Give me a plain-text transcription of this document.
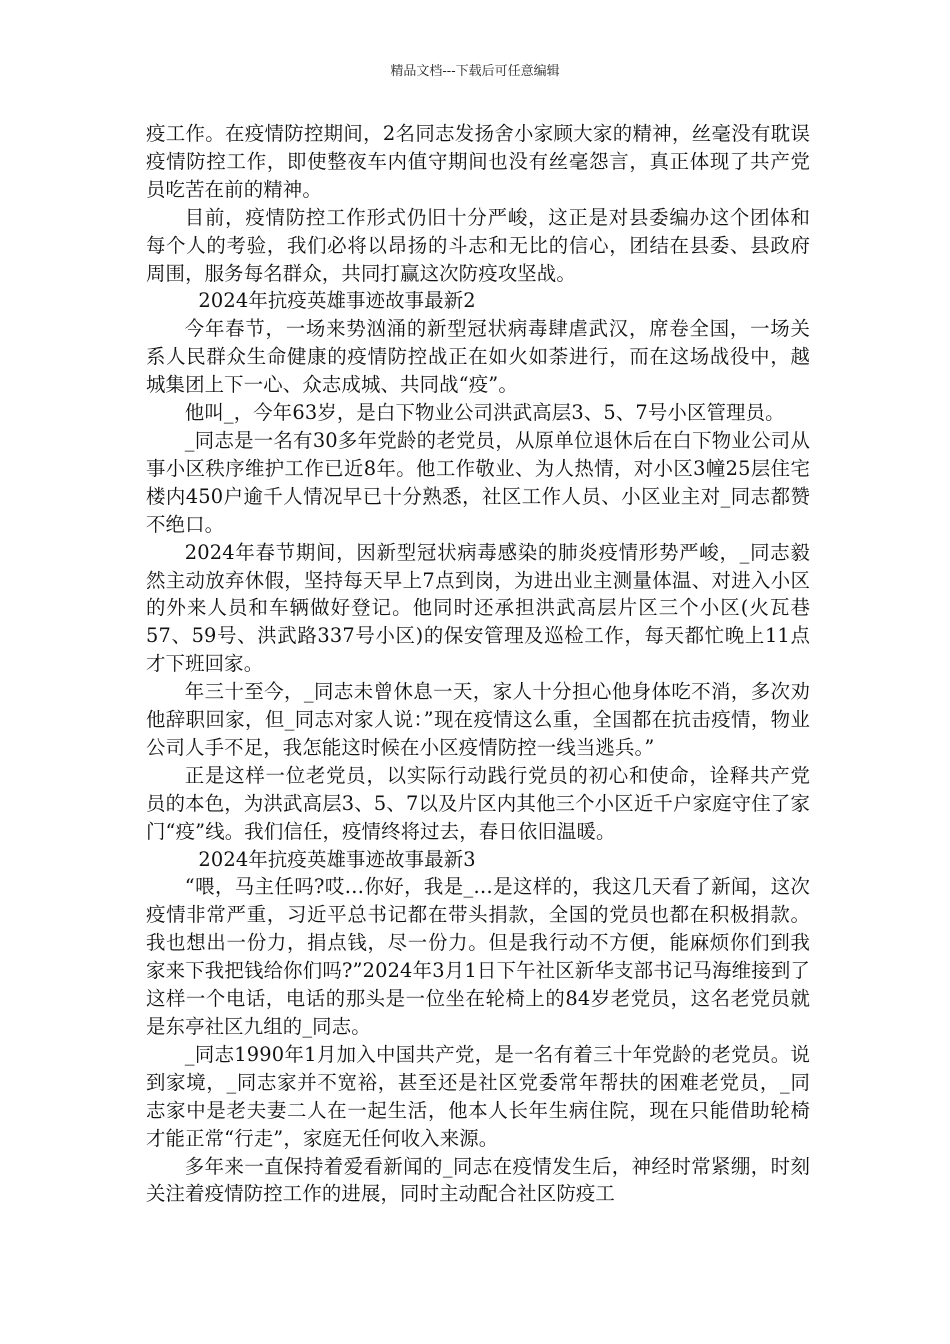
精品文档---下载后可任意编辑

疫工作。在疫情防控期间，2名同志发扬舍小家顾大家的精神，丝毫没有耽误疫情防控工作，即使整夜车内值守期间也没有丝毫怨言，真正体现了共产党员吃苦在前的精神。

目前，疫情防控工作形式仍旧十分严峻，这正是对县委编办这个团体和每个人的考验，我们必将以昂扬的斗志和无比的信心，团结在县委、县政府周围，服务每名群众，共同打赢这次防疫攻坚战。

2024年抗疫英雄事迹故事最新2

今年春节，一场来势汹涌的新型冠状病毒肆虐武汉，席卷全国，一场关系人民群众生命健康的疫情防控战正在如火如荼进行，而在这场战役中，越城集团上下一心、众志成城、共同战“疫”。

他叫_，今年63岁，是白下物业公司洪武高层3、5、7号小区管理员。

_同志是一名有30多年党龄的老党员，从原单位退休后在白下物业公司从事小区秩序维护工作已近8年。他工作敬业、为人热情，对小区3幢25层住宅楼内450户逾千人情况早已十分熟悉，社区工作人员、小区业主对_同志都赞不绝口。

2024年春节期间，因新型冠状病毒感染的肺炎疫情形势严峻，_同志毅然主动放弃休假，坚持每天早上7点到岗，为进出业主测量体温、对进入小区的外来人员和车辆做好登记。他同时还承担洪武高层片区三个小区(火瓦巷57、59号、洪武路337号小区)的保安管理及巡检工作，每天都忙晚上11点才下班回家。

年三十至今，_同志未曾休息一天，家人十分担心他身体吃不消，多次劝他辞职回家，但_同志对家人说：”现在疫情这么重，全国都在抗击疫情，物业公司人手不足，我怎能这时候在小区疫情防控一线当逃兵。”

正是这样一位老党员，以实际行动践行党员的初心和使命，诠释共产党员的本色，为洪武高层3、5、7以及片区内其他三个小区近千户家庭守住了家门“疫”线。我们信任，疫情终将过去，春日依旧温暖。

2024年抗疫英雄事迹故事最新3

“喂，马主任吗?哎…你好，我是_…是这样的，我这几天看了新闻，这次疫情非常严重，习近平总书记都在带头捐款，全国的党员也都在积极捐款。我也想出一份力，捐点钱，尽一份力。但是我行动不方便，能麻烦你们到我家来下我把钱给你们吗?”2024年3月1日下午社区新华支部书记马海维接到了这样一个电话，电话的那头是一位坐在轮椅上的84岁老党员，这名老党员就是东亭社区九组的_同志。

_同志1990年1月加入中国共产党，是一名有着三十年党龄的老党员。说到家境，_同志家并不宽裕，甚至还是社区党委常年帮扶的困难老党员，_同志家中是老夫妻二人在一起生活，他本人长年生病住院，现在只能借助轮椅才能正常“行走”，家庭无任何收入来源。

多年来一直保持着爱看新闻的_同志在疫情发生后，神经时常紧绷，时刻关注着疫情防控工作的进展，同时主动配合社区防疫工
